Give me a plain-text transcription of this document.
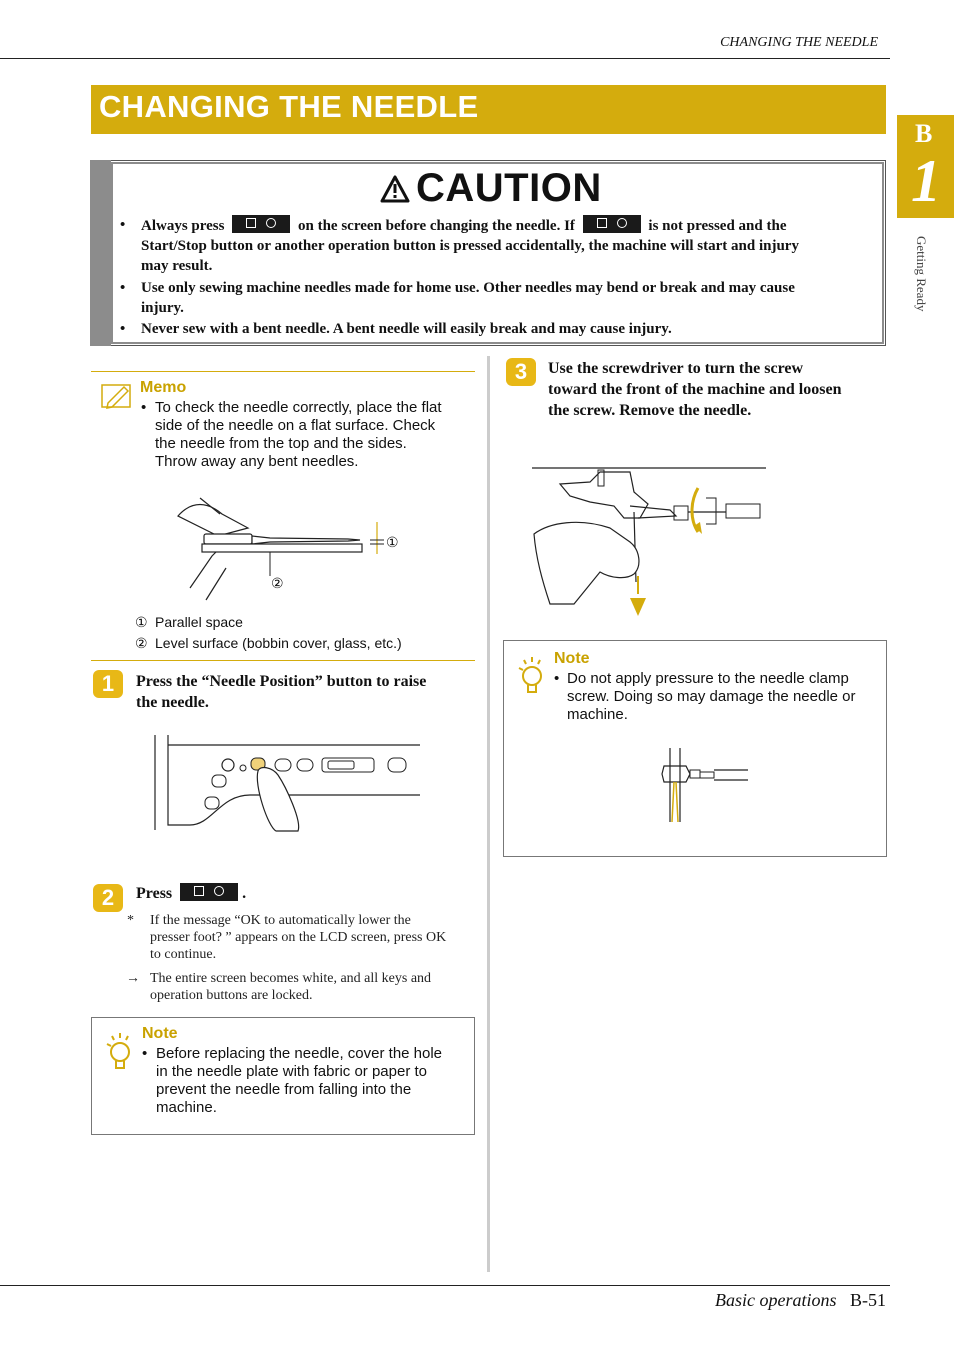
CHANGING THE NEEDLE
CHANGING THE NEEDLE
B
1
Getting Ready
CAUTION
• Always press	on the screen before changing the needle. If	is not pressed and the
Start/Stop button or another operation button is pressed accidentally, the machine will start and injury
may result.
• Use only sewing machine needles made for home use. Other needles may bend or break and may cause
injury.
• Never sew with a bent needle. A bent needle will easily break and may cause injury.
Memo
• To check the needle correctly, place the flat
side of the needle on a flat surface. Check
the needle from the top and the sides.
Throw away any bent needles.
①
②
① Parallel space
② Level surface (bobbin cover, glass, etc.)
1	Press the “Needle Position” button to raise
the needle.
2	Press	.
* If the message “OK to automatically lower the
presser foot? ” appears on the LCD screen, press OK
to continue.
→ The entire screen becomes white, and all keys and
operation buttons are locked.
Note
• Before replacing the needle, cover the hole
in the needle plate with fabric or paper to
prevent the needle from falling into the
machine.
3	Use the screwdriver to turn the screw
toward the front of the machine and loosen
the screw. Remove the needle.
Note
• Do not apply pressure to the needle clamp
screw. Doing so may damage the needle or
machine.
Basic operations B-51
